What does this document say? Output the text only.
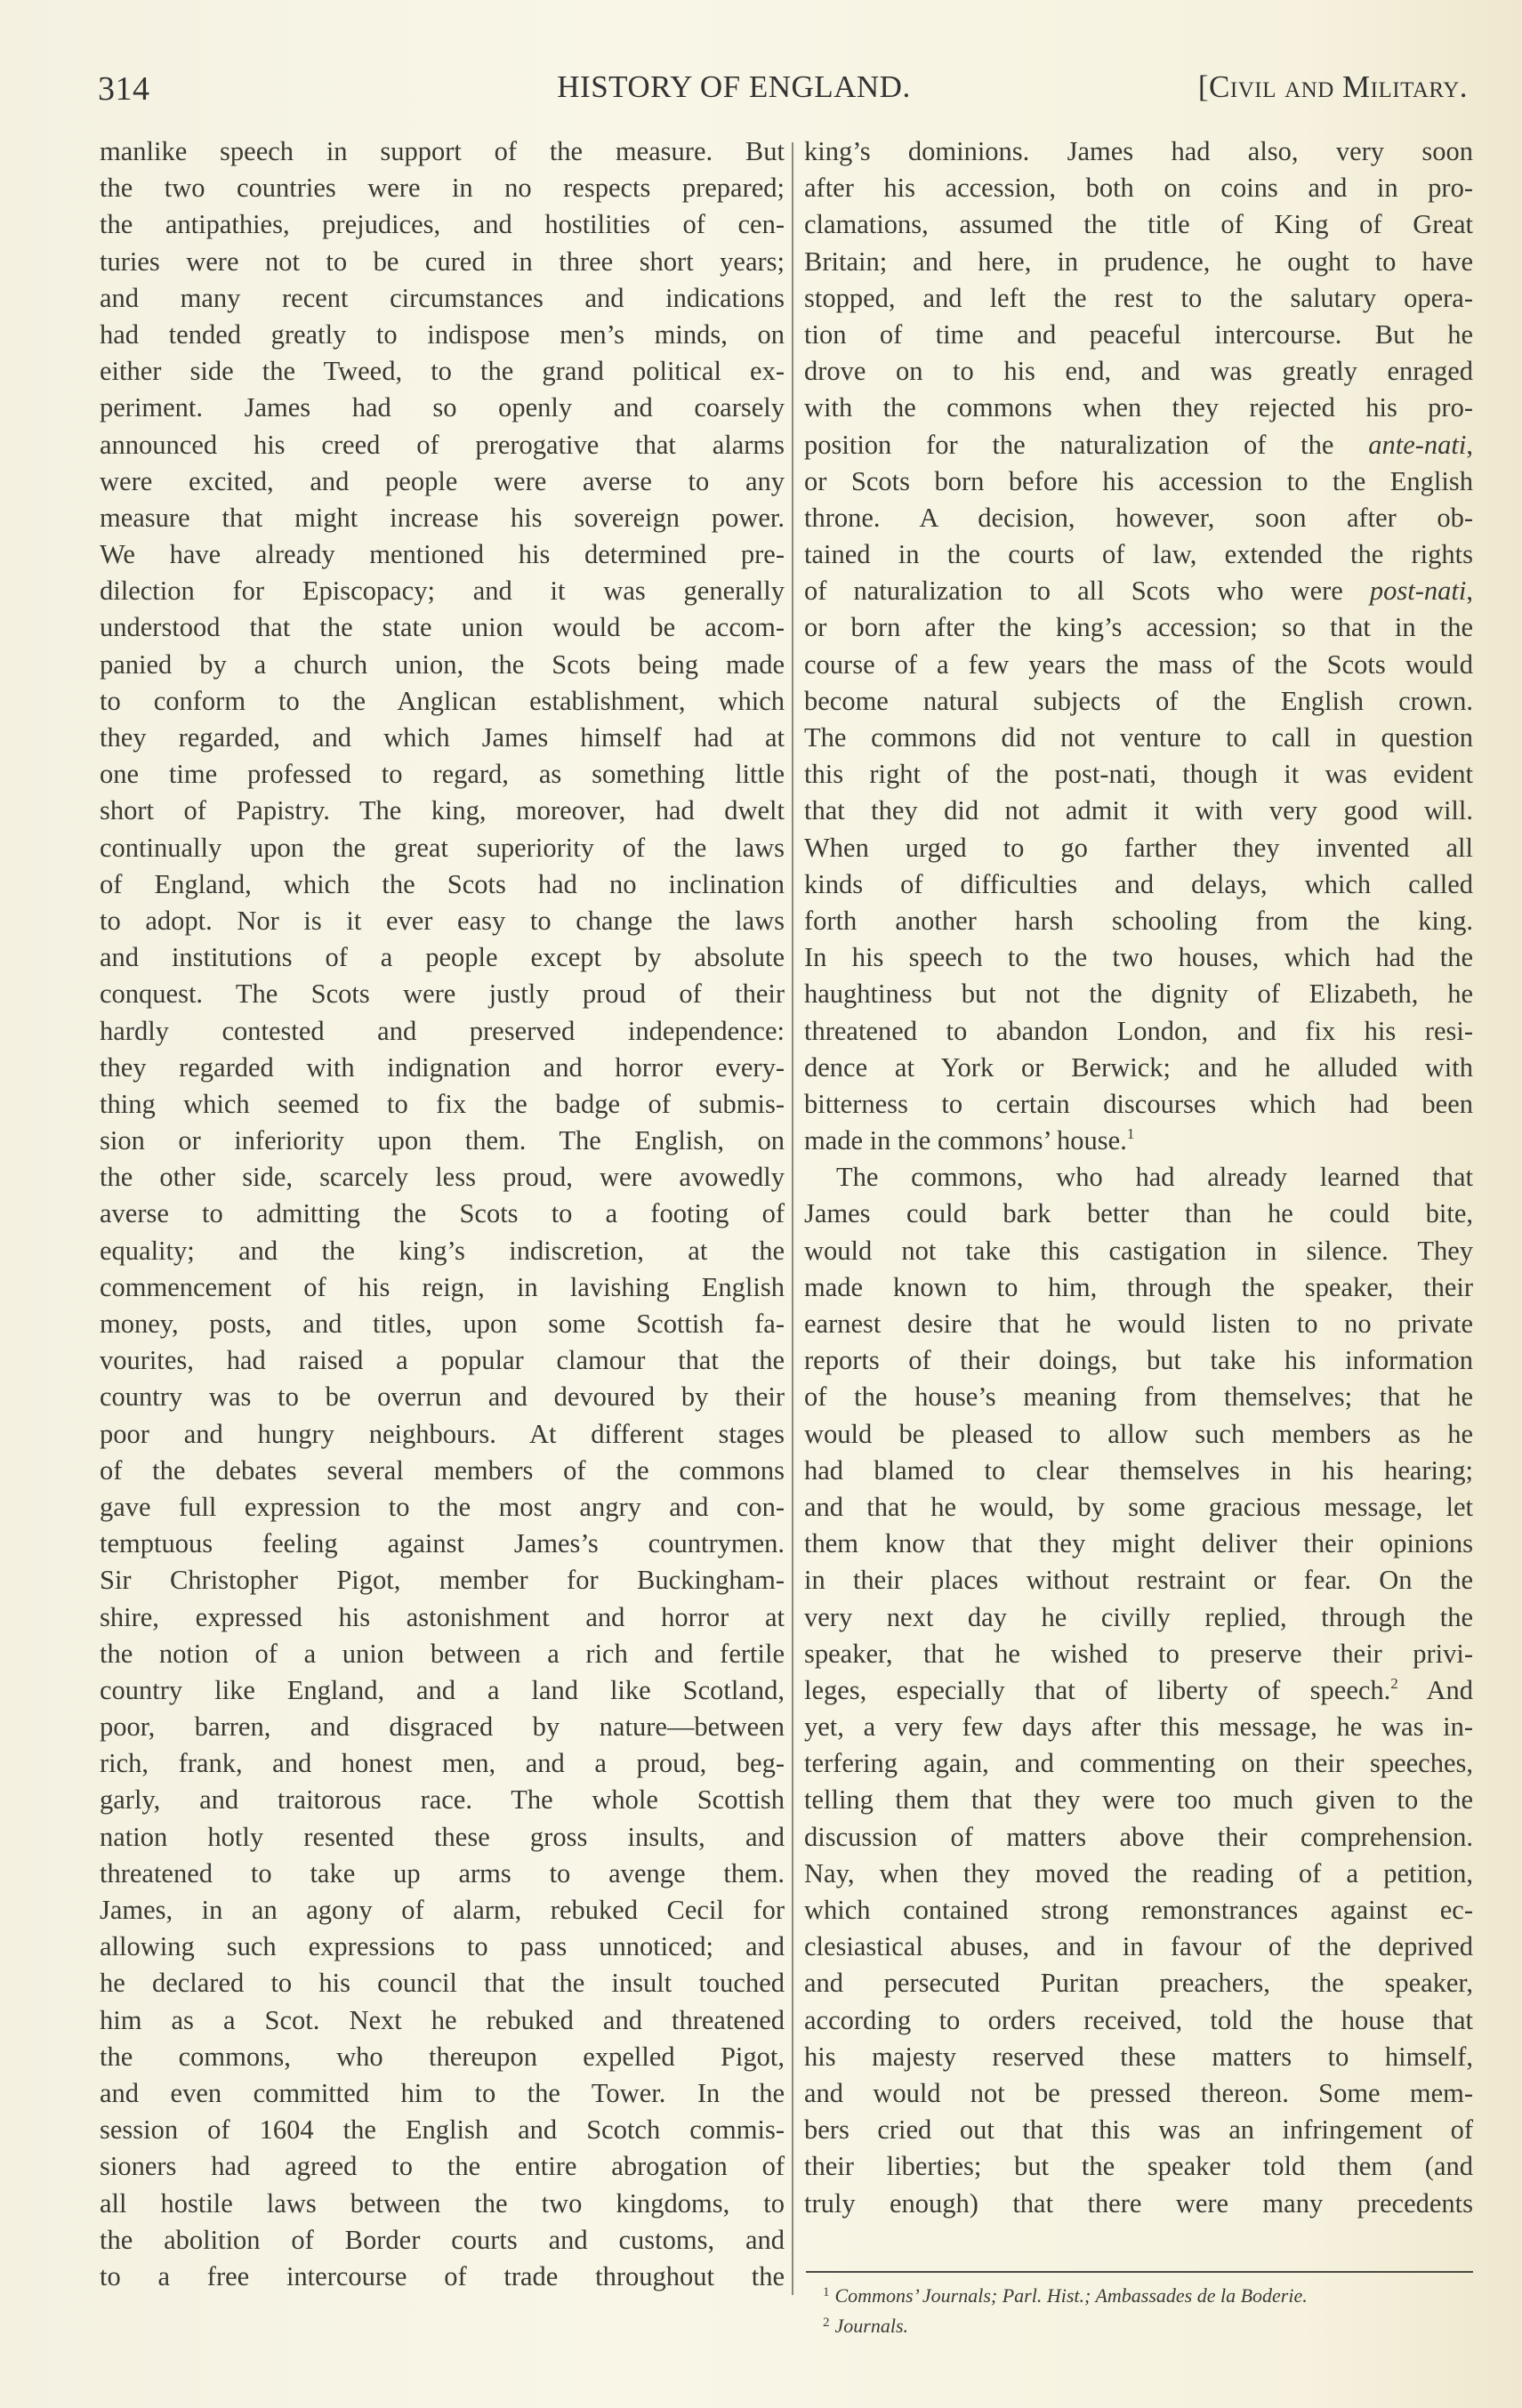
314	HISTORY OF ENGLAND.	[Civil and Military.
manlike speech in support of the measure. But
the two countries were in no respects prepared;
the antipathies, prejudices, and hostilities of cen-
turies were not to be cured in three short years;
and many recent circumstances and indications
had tended greatly to indispose men’s minds, on
either side the Tweed, to the grand political ex-
periment. James had so openly and coarsely
announced his creed of prerogative that alarms
were excited, and people were averse to any
measure that might increase his sovereign power.
We have already mentioned his determined pre-
dilection for Episcopacy; and it was generally
understood that the state union would be accom-
panied by a church union, the Scots being made
to conform to the Anglican establishment, which
they regarded, and which James himself had at
one time professed to regard, as something little
short of Papistry. The king, moreover, had dwelt
continually upon the great superiority of the laws
of England, which the Scots had no inclination
to adopt. Nor is it ever easy to change the laws
and institutions of a people except by absolute
conquest. The Scots were justly proud of their
hardly contested and preserved independence:
they regarded with indignation and horror every-
thing which seemed to fix the badge of submis-
sion or inferiority upon them. The English, on
the other side, scarcely less proud, were avowedly
averse to admitting the Scots to a footing of
equality; and the king’s indiscretion, at the
commencement of his reign, in lavishing English
money, posts, and titles, upon some Scottish fa-
vourites, had raised a popular clamour that the
country was to be overrun and devoured by their
poor and hungry neighbours. At different stages
of the debates several members of the commons
gave full expression to the most angry and con-
temptuous feeling against James’s countrymen.
Sir Christopher Pigot, member for Buckingham-
shire, expressed his astonishment and horror at
the notion of a union between a rich and fertile
country like England, and a land like Scotland,
poor, barren, and disgraced by nature—between
rich, frank, and honest men, and a proud, beg-
garly, and traitorous race. The whole Scottish
nation hotly resented these gross insults, and
threatened to take up arms to avenge them.
James, in an agony of alarm, rebuked Cecil for
allowing such expressions to pass unnoticed; and
he declared to his council that the insult touched
him as a Scot. Next he rebuked and threatened
the commons, who thereupon expelled Pigot,
and even committed him to the Tower. In the
session of 1604 the English and Scotch commis-
sioners had agreed to the entire abrogation of
all hostile laws between the two kingdoms, to
the abolition of Border courts and customs, and
to a free intercourse of trade throughout the
king’s dominions. James had also, very soon
after his accession, both on coins and in pro-
clamations, assumed the title of King of Great
Britain; and here, in prudence, he ought to have
stopped, and left the rest to the salutary opera-
tion of time and peaceful intercourse. But he
drove on to his end, and was greatly enraged
with the commons when they rejected his pro-
position for the naturalization of the ante-nati,
or Scots born before his accession to the English
throne. A decision, however, soon after ob-
tained in the courts of law, extended the rights
of naturalization to all Scots who were post-nati,
or born after the king’s accession; so that in the
course of a few years the mass of the Scots would
become natural subjects of the English crown.
The commons did not venture to call in question
this right of the post-nati, though it was evident
that they did not admit it with very good will.
When urged to go farther they invented all
kinds of difficulties and delays, which called
forth another harsh schooling from the king.
In his speech to the two houses, which had the
haughtiness but not the dignity of Elizabeth, he
threatened to abandon London, and fix his resi-
dence at York or Berwick; and he alluded with
bitterness to certain discourses which had been
made in the commons’ house.$^1$
The commons, who had already learned that
James could bark better than he could bite,
would not take this castigation in silence. They
made known to him, through the speaker, their
earnest desire that he would listen to no private
reports of their doings, but take his information
of the house’s meaning from themselves; that he
would be pleased to allow such members as he
had blamed to clear themselves in his hearing;
and that he would, by some gracious message, let
them know that they might deliver their opinions
in their places without restraint or fear. On the
very next day he civilly replied, through the
speaker, that he wished to preserve their privi-
leges, especially that of liberty of speech.$^2$ And
yet, a very few days after this message, he was in-
terfering again, and commenting on their speeches,
telling them that they were too much given to the
discussion of matters above their comprehension.
Nay, when they moved the reading of a petition,
which contained strong remonstrances against ec-
clesiastical abuses, and in favour of the deprived
and persecuted Puritan preachers, the speaker,
according to orders received, told the house that
his majesty reserved these matters to himself,
and would not be pressed thereon. Some mem-
bers cried out that this was an infringement of
their liberties; but the speaker told them (and
truly enough) that there were many precedents
$^1$ Commons’ Journals; Parl. Hist.; Ambassades de la Boderie.
$^2$ Journals.
